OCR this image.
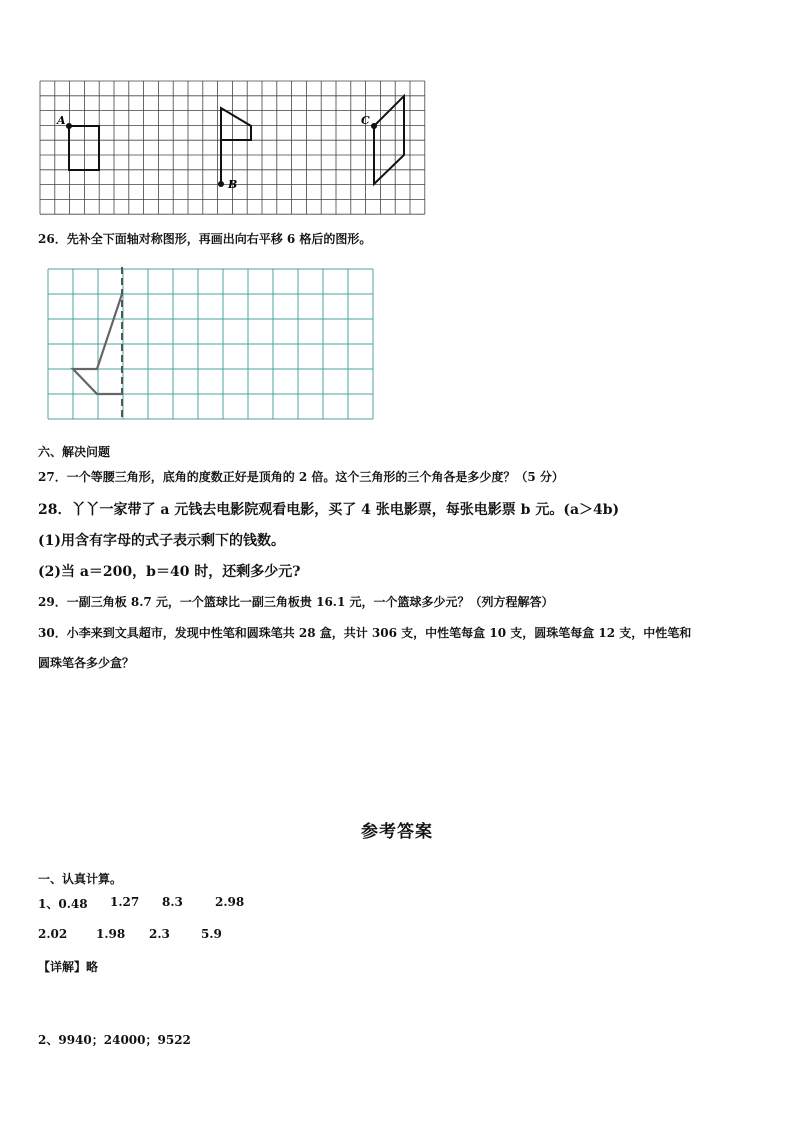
A
B
C
26．先补全下面轴对称图形，再画出向右平移 6 格后的图形。
六、解决问题
27．一个等腰三角形，底角的度数正好是顶角的 2 倍。这个三角形的三个角各是多少度？（5 分）
28．丫丫一家带了 a 元钱去电影院观看电影，买了 4 张电影票，每张电影票 b 元。(a＞4b)
(1)用含有字母的式子表示剩下的钱数。
(2)当 a＝200，b＝40 时，还剩多少元?
29．一副三角板 8.7 元，一个篮球比一副三角板贵 16.1 元，一个篮球多少元？（列方程解答）
30．小李来到文具超市，发现中性笔和圆珠笔共 28 盒，共计 306 支，中性笔每盒 10 支，圆珠笔每盒 12 支，中性笔和
圆珠笔各多少盒？
参考答案
一、认真计算。
1、0.48 1.27 8.3	2.98
2.02 1.98 2.3	5.9
【详解】略
2、9940；24000；9522
